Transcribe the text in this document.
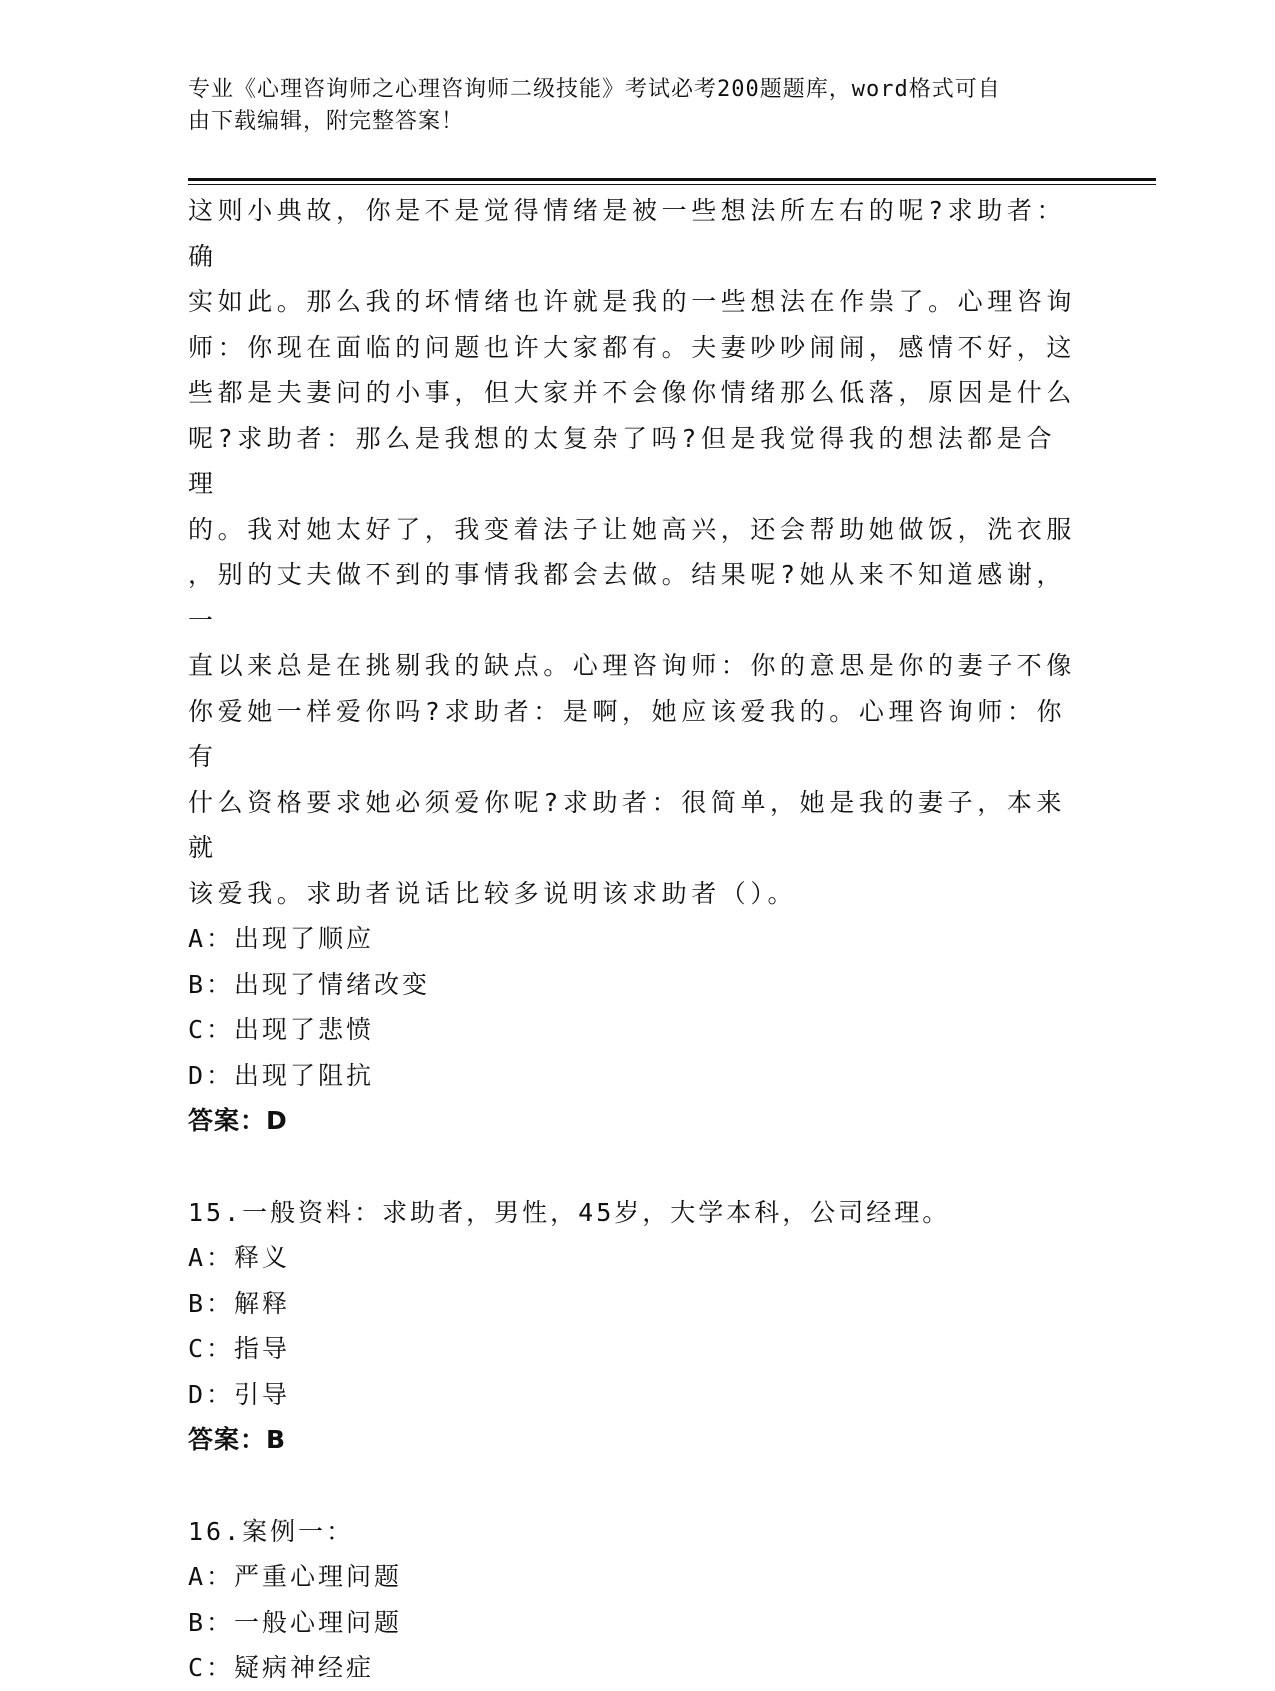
专业《心理咨询师之心理咨询师二级技能》考试必考200题题库，word格式可自
由下载编辑，附完整答案！

这则小典故，你是不是觉得情绪是被一些想法所左右的呢?求助者：确
实如此。那么我的坏情绪也许就是我的一些想法在作祟了。心理咨询
师：你现在面临的问题也许大家都有。夫妻吵吵闹闹，感情不好，这
些都是夫妻问的小事，但大家并不会像你情绪那么低落，原因是什么
呢?求助者：那么是我想的太复杂了吗?但是我觉得我的想法都是合理
的。我对她太好了，我变着法子让她高兴，还会帮助她做饭，洗衣服
，别的丈夫做不到的事情我都会去做。结果呢?她从来不知道感谢，一
直以来总是在挑剔我的缺点。心理咨询师：你的意思是你的妻子不像
你爱她一样爱你吗?求助者：是啊，她应该爱我的。心理咨询师：你有
什么资格要求她必须爱你呢?求助者：很简单，她是我的妻子，本来就
该爱我。求助者说话比较多说明该求助者（）。

A：出现了顺应

B：出现了情绪改变

C：出现了悲愤

D：出现了阻抗

答案：D

15.一般资料：求助者，男性，45岁，大学本科，公司经理。

A：释义

B：解释

C：指导

D：引导

答案：B

16.案例一：

A：严重心理问题

B：一般心理问题

C：疑病神经症
